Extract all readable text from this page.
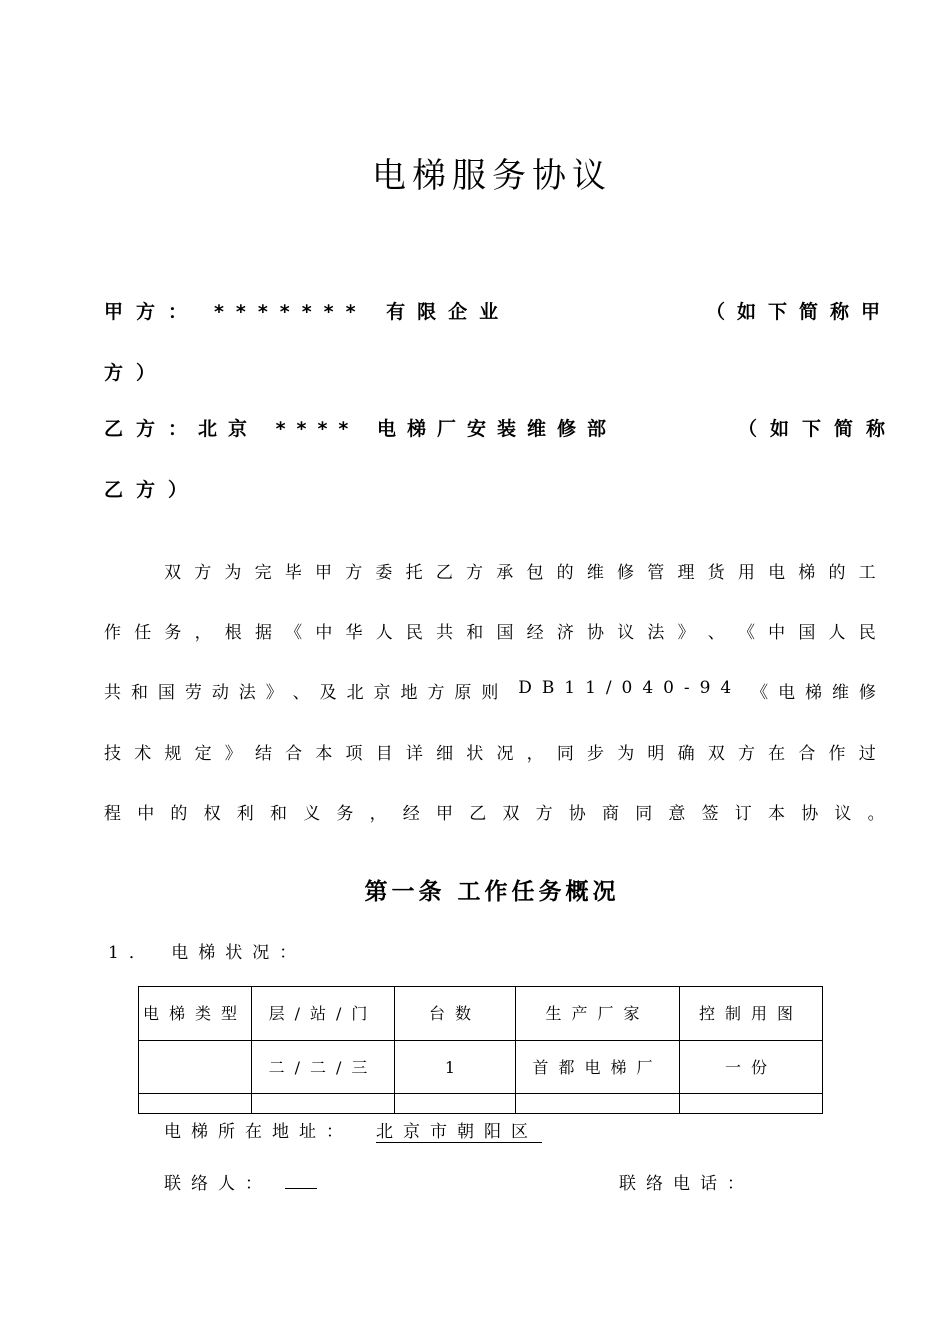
电梯服务协议
甲方： ******* 有限企业	（如下简称甲
方）
乙方：
北京 **** 电梯厂安装维修部	（如下简称
乙方）
双 方 为 完 毕 甲 方 委 托 乙 方 承 包 的 维 修 管 理 货 用 电 梯 的 工
作 任 务 ， 根 据 《 中 华 人 民 共 和 国 经 济 协 议 法 》 、 《 中 国 人 民
共 和 国 劳 动 法 》 、 及 北 京 地 方 原 则 D B 1 1 / 0 4 0 - 9 4 《 电 梯 维 修
技 术 规 定 》 结 合 本 项 目 详 细 状 况 ， 同 步 为 明 确 双 方 在 合 作 过
程中的权利和义务，经甲乙双方协商同意签订本协议。
第一条 工作任务概况
1． 电梯状况：
电梯类型	层/站/门	台数	生产厂家	控制用图
	二/二/三	1	首都电梯厂	一份

电梯所在地址： 北京市朝阳区
联络人：	联络电话：
